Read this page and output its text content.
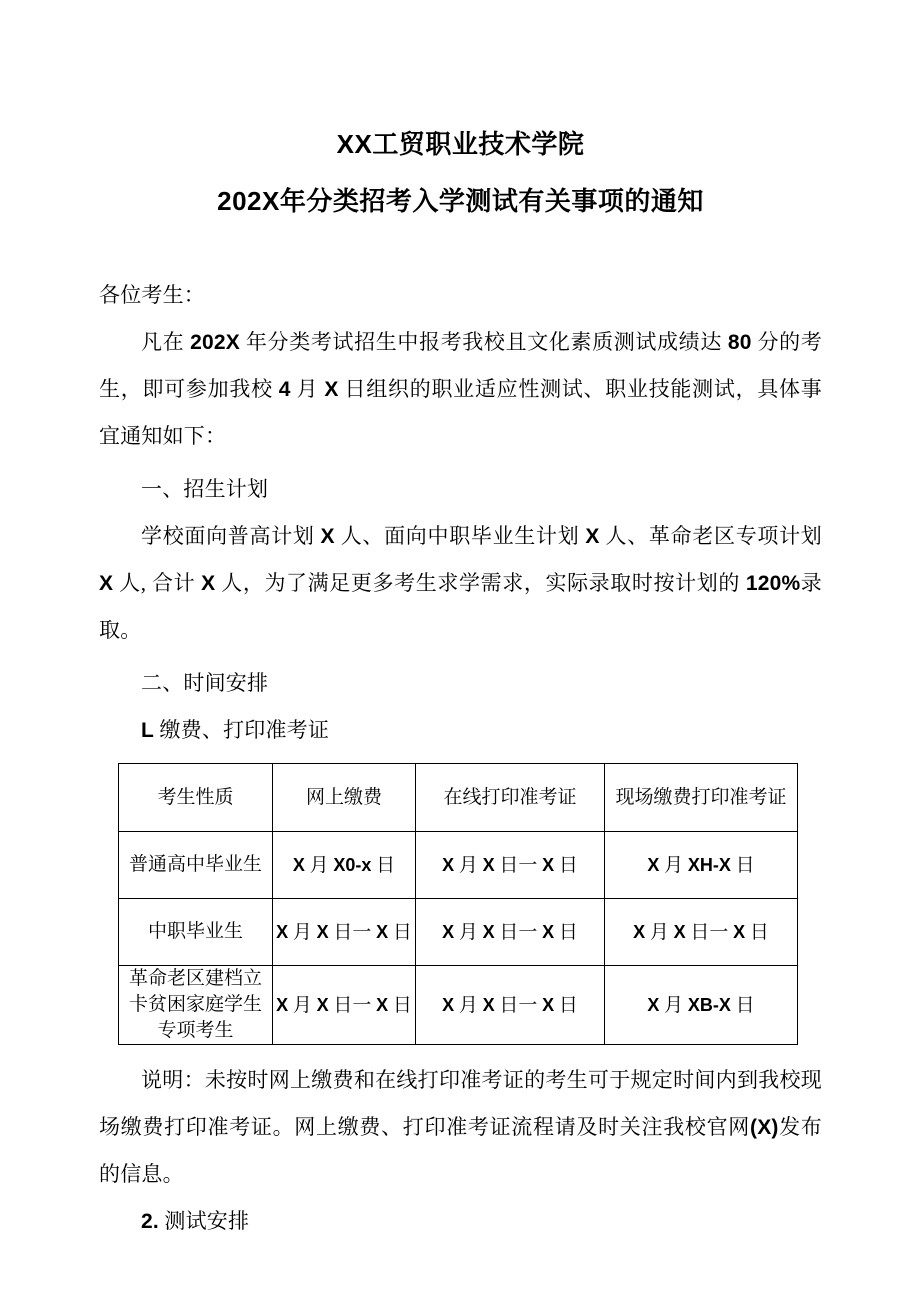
XX工贸职业技术学院
202X年分类招考入学测试有关事项的通知

各位考生：

凡在 202X 年分类考试招生中报考我校且文化素质测试成绩达 80 分的考生，即可参加我校 4 月 X 日组织的职业适应性测试、职业技能测试，具体事宜通知如下：

一、招生计划

学校面向普高计划 X 人、面向中职毕业生计划 X 人、革命老区专项计划 X 人, 合计 X 人，为了满足更多考生求学需求，实际录取时按计划的 120%录取。

二、时间安排

L 缴费、打印准考证

考生性质	网上缴费	在线打印准考证	现场缴费打印准考证
普通高中毕业生	X 月 X0-x 日	X 月 X 日一 X 日	X 月 XH-X 日
中职毕业生	X 月 X 日一 X 日	X 月 X 日一 X 日	X 月 X 日一 X 日
革命老区建档立卡贫困家庭学生专项考生	X 月 X 日一 X 日	X 月 X 日一 X 日	X 月 XB-X 日

说明：未按时网上缴费和在线打印准考证的考生可于规定时间内到我校现场缴费打印准考证。网上缴费、打印准考证流程请及时关注我校官网(X)发布的信息。

2. 测试安排
